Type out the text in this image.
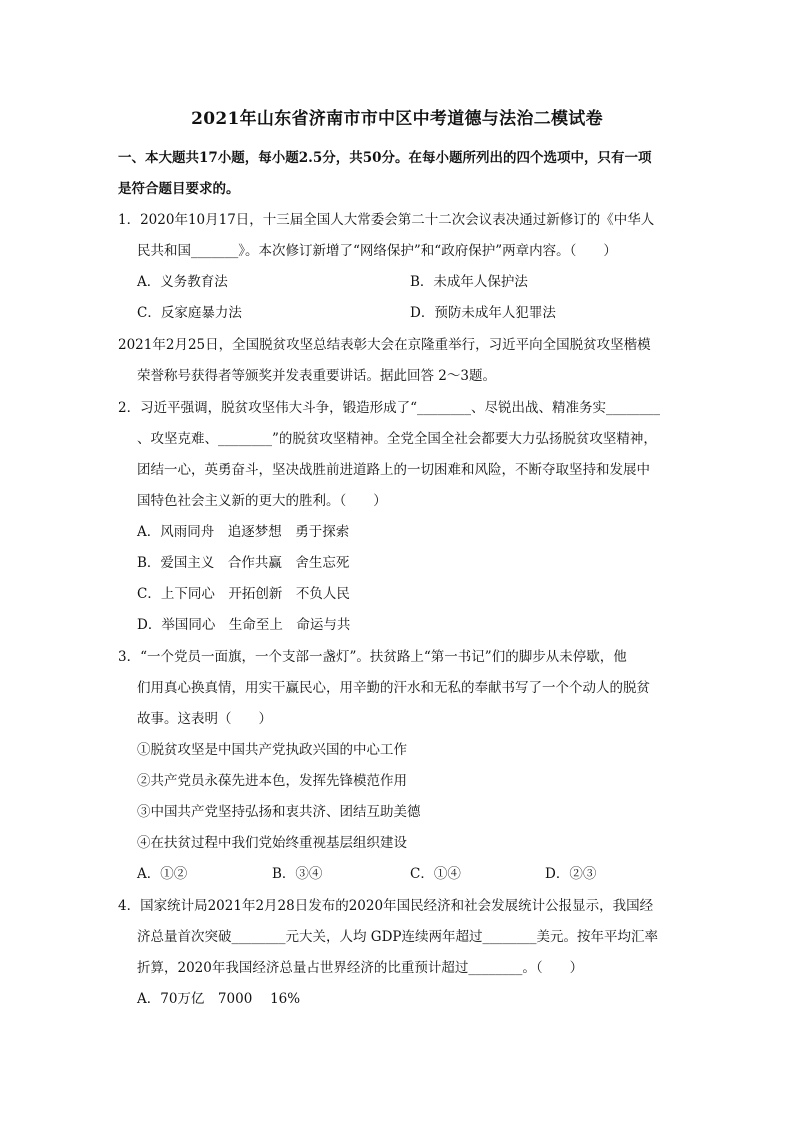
2021年山东省济南市市中区中考道德与法治二模试卷
一、本大题共17小题，每小题2.5分，共50分。在每小题所列出的四个选项中，只有一项
是符合题目要求的。
1．2020年10月17日，十三届全国人大常委会第二十二次会议表决通过新修订的《中华人
民共和国_______》。本次修订新增了“网络保护”和“政府保护”两章内容。（　　）
A．义务教育法	B．未成年人保护法
C．反家庭暴力法	D．预防未成年人犯罪法
2021年2月25日，全国脱贫攻坚总结表彰大会在京隆重举行，习近平向全国脱贫攻坚楷模
荣誉称号获得者等颁奖并发表重要讲话。据此回答 2～3题。
2．习近平强调，脱贫攻坚伟大斗争，锻造形成了“________、尽锐出战、精准务实________
、攻坚克难、________”的脱贫攻坚精神。全党全国全社会都要大力弘扬脱贫攻坚精神，
团结一心，英勇奋斗，坚决战胜前进道路上的一切困难和风险，不断夺取坚持和发展中
国特色社会主义新的更大的胜利。（　　）
A．风雨同舟　追逐梦想　勇于探索
B．爱国主义　合作共赢　舍生忘死
C．上下同心　开拓创新　不负人民
D．举国同心　生命至上　命运与共
3．“一个党员一面旗，一个支部一盏灯”。扶贫路上“第一书记”们的脚步从未停歇，他
们用真心换真情，用实干赢民心，用辛勤的汗水和无私的奉献书写了一个个动人的脱贫
故事。这表明（　　）
①脱贫攻坚是中国共产党执政兴国的中心工作
②共产党员永葆先进本色，发挥先锋模范作用
③中国共产党坚持弘扬和衷共济、团结互助美德
④在扶贫过程中我们党始终重视基层组织建设
A．①②	B．③④	C．①④	D．②③
4．国家统计局2021年2月28日发布的2020年国民经济和社会发展统计公报显示，我国经
济总量首次突破________元大关，人均 GDP连续两年超过________美元。按年平均汇率
折算，2020年我国经济总量占世界经济的比重预计超过________。（　　）
A．70万亿　7000　 16%
